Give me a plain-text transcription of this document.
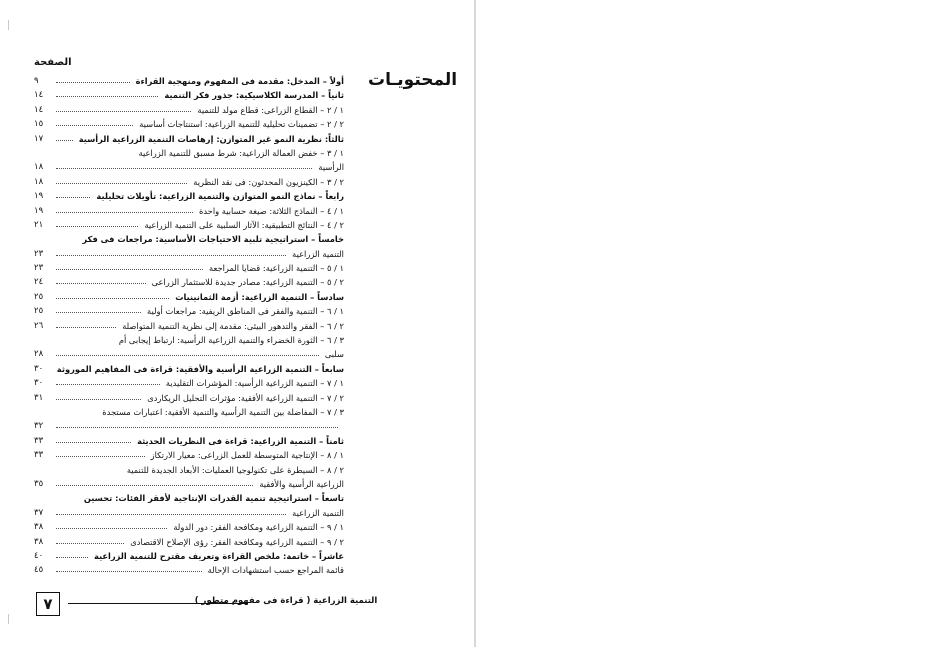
المحتويـات
الصفحة
أولاً – المدخل: مقدمة فى المفهوم ومنهجية القراءة
٩
ثانياً – المدرسة الكلاسيكية: جذور فكر التنمية
١٤
١ / ٢ – القطاع الزراعى: قطاع مولد للتنمية
١٤
٢ / ٢ – تضمينات تحليلية للتنمية الزراعية: استنتاجات أساسية
١٥
ثالثاً: نظرية النمو غير المتوازن: إرهاصات التنمية الزراعية الرأسية
١٧
١ / ٣ – خفض العمالة الزراعية: شرط مسبق للتنمية الزراعية
الرأسية
١٨
٢ / ٣ – الكينزيون المحدثون: فى نقد النظرية
١٨
رابعاً – نماذج النمو المتوازن والتنمية الزراعية: تأويلات تحليلية
١٩
١ / ٤ – النماذج الثلاثة: صيغة حسابية واحدة
١٩
٢ / ٤ – النتائج التطبيقية: الآثار السلبية على التنمية الزراعية
٢١
خامساً – استراتيجية تلبية الاحتياجات الأساسية: مراجعات فى فكر
التنمية الزراعية
٢٣
١ / ٥ – التنمية الزراعية: قضايا المراجعة
٢٣
٢ / ٥ – التنمية الزراعية: مصادر جديدة للاستثمار الزراعى
٢٤
سادساً – التنمية الزراعية: أزمة الثمانينيات
٢٥
١ / ٦ – التنمية والفقر فى المناطق الريفية: مراجعات أولية
٢٥
٢ / ٦ – الفقر والتدهور البيئى: مقدمة إلى نظرية التنمية المتواصلة
٢٦
٣ / ٦ – الثورة الخضراء والتنمية الزراعية الرأسية: ارتباط إيجابى أم
سلبى
٢٨
سابعاً – التنمية الزراعية الرأسية والأفقية: قراءة فى المفاهيم الموروثة
٣٠
١ / ٧ – التنمية الزراعية الرأسية: المؤشرات التقليدية
٣٠
٢ / ٧ – التنمية الزراعية الأفقية: مؤثرات التحليل الريكاردى
٣١
٣ / ٧ – المفاضلة بين التنمية الرأسية والتنمية الأفقية: اعتبارات مستجدة
٣٢
ثامناً – التنمية الزراعية: قراءة فى النظريات الحديثة
٣٣
١ / ٨ – الإنتاجية المتوسطة للعمل الزراعى: معيار الارتكاز
٣٣
٢ / ٨ – السيطرة على تكنولوجيا العمليات: الأبعاد الجديدة للتنمية
الزراعية الرأسية والأفقية
٣٥
تاسعاً – استراتيجية تنمية القدرات الإنتاجية لأفقر الفئات: تحسين
التنمية الزراعية
٣٧
١ / ٩ – التنمية الزراعية ومكافحة الفقر: دور الدولة
٣٨
٢ / ٩ – التنمية الزراعية ومكافحة الفقر: رؤى الإصلاح الاقتصادى
٣٨
عاشراً – خاتمة: ملخص القراءة وتعريف مقترح للتنمية الزراعية
٤٠
قائمة المراجع حسب استشهادات الإحالة
٤٥
٧	التنمية الزراعية ( قراءة فى مفهوم متطور )
